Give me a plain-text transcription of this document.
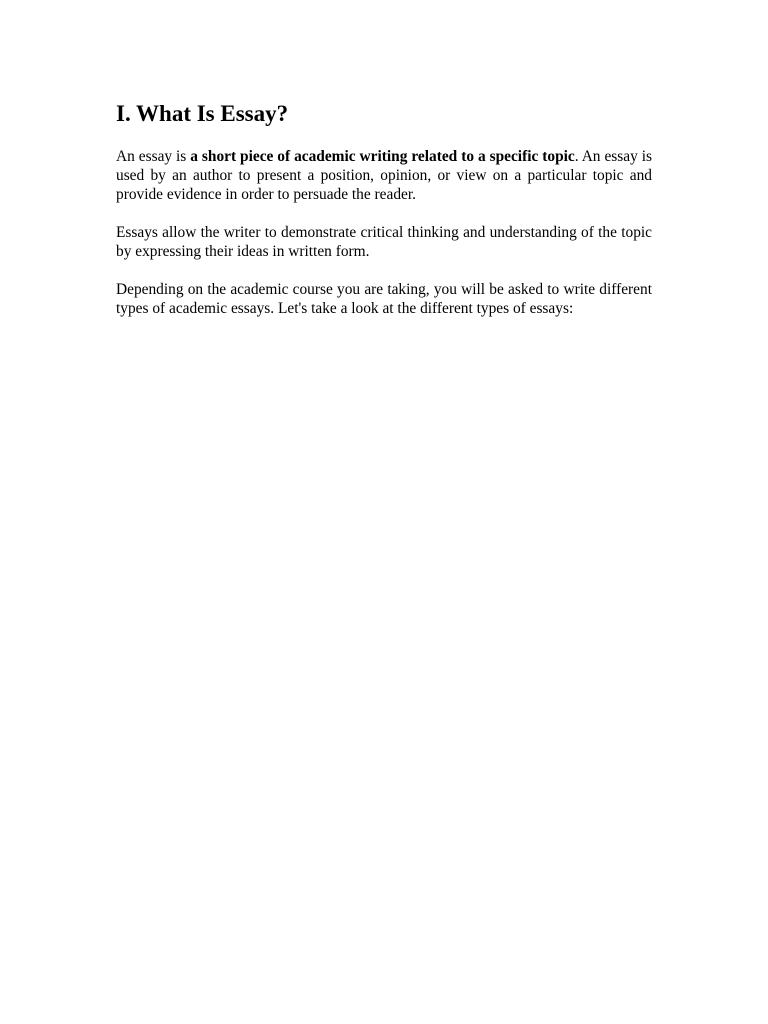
I. What Is Essay?

An essay is a short piece of academic writing related to a specific topic. An essay is used by an author to present a position, opinion, or view on a particular topic and provide evidence in order to persuade the reader.

Essays allow the writer to demonstrate critical thinking and understanding of the topic by expressing their ideas in written form.

Depending on the academic course you are taking, you will be asked to write different types of academic essays. Let's take a look at the different types of essays:
